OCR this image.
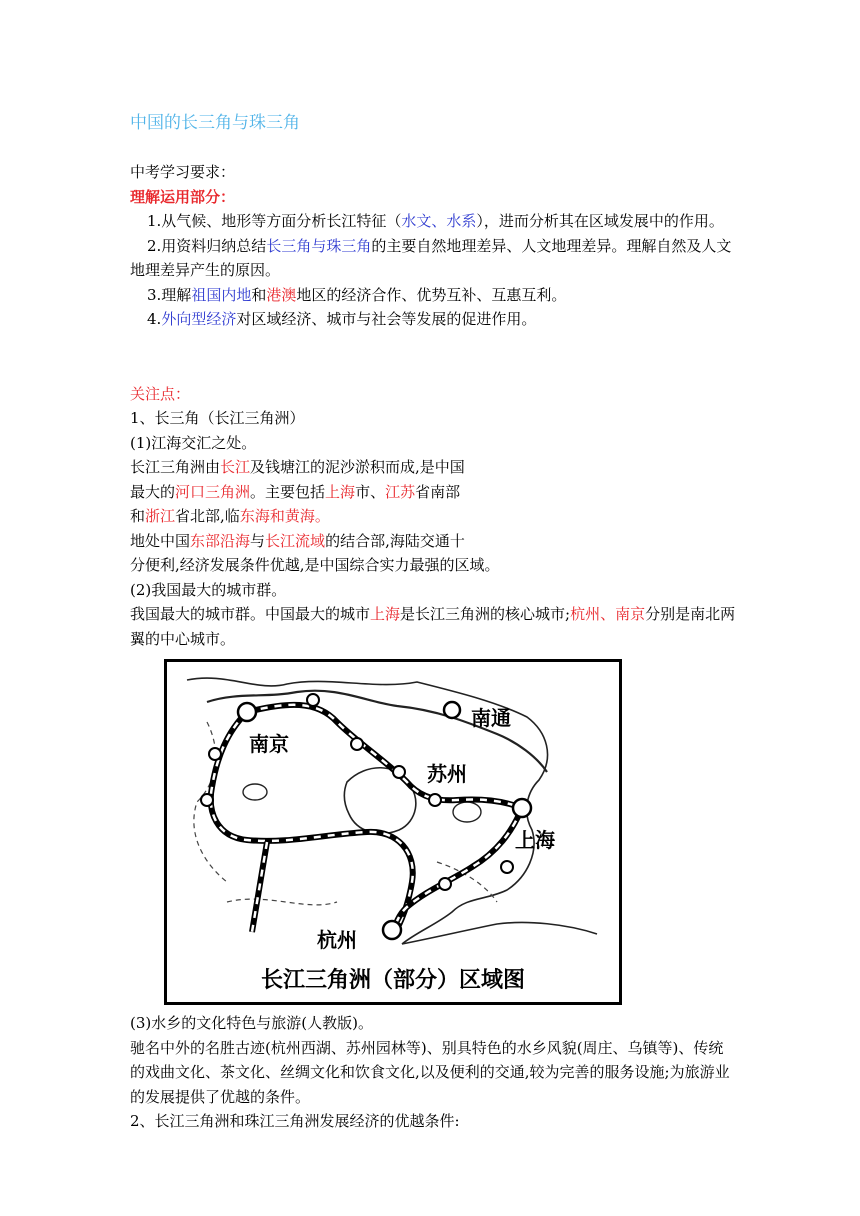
中国的长三角与珠三角

中考学习要求：

理解运用部分：

1.从气候、地形等方面分析长江特征（水文、水系），进而分析其在区域发展中的作用。

2.用资料归纳总结长三角与珠三角的主要自然地理差异、人文地理差异。理解自然及人文地理差异产生的原因。

3.理解祖国内地和港澳地区的经济合作、优势互补、互惠互利。

4.外向型经济对区域经济、城市与社会等发展的促进作用。

关注点：

1、长三角（长江三角洲）

(1)江海交汇之处。

长江三角洲由长江及钱塘江的泥沙淤积而成,是中国
最大的河口三角洲。主要包括上海市、江苏省南部
和浙江省北部,临东海和黄海。
地处中国东部沿海与长江流域的结合部,海陆交通十
分便利,经济发展条件优越,是中国综合实力最强的区域。

(2)我国最大的城市群。

我国最大的城市群。中国最大的城市上海是长江三角洲的核心城市;杭州、南京分别是南北两翼的中心城市。

南京
南通
苏州
上海
杭州
长江三角洲（部分）区域图

(3)水乡的文化特色与旅游(人教版)。

驰名中外的名胜古迹(杭州西湖、苏州园林等)、别具特色的水乡风貌(周庄、乌镇等)、传统的戏曲文化、茶文化、丝绸文化和饮食文化,以及便利的交通,较为完善的服务设施;为旅游业的发展提供了优越的条件。

2、长江三角洲和珠江三角洲发展经济的优越条件:
